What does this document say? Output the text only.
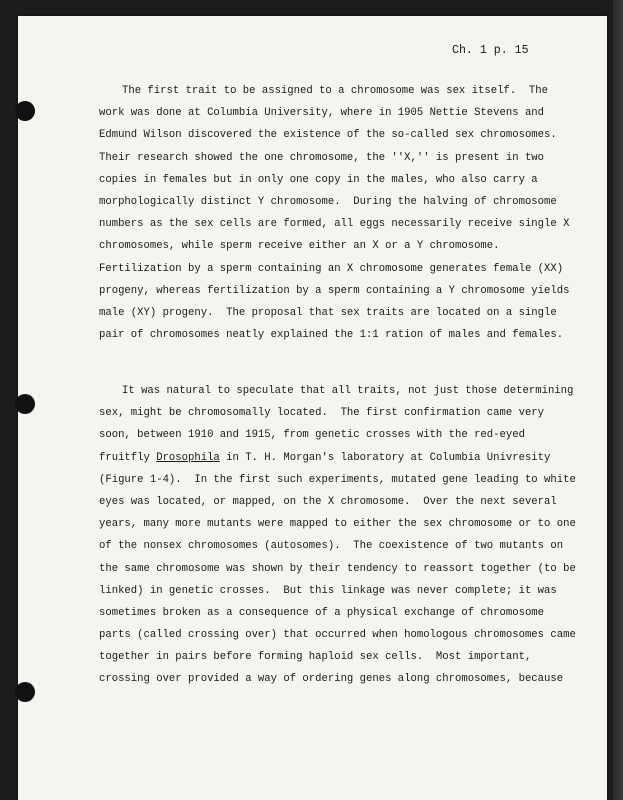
Ch. 1 p. 15

The first trait to be assigned to a chromosome was sex itself.  The
work was done at Columbia University, where in 1905 Nettie Stevens and
Edmund Wilson discovered the existence of the so-called sex chromosomes.
Their research showed the one chromosome, the ''X,'' is present in two
copies in females but in only one copy in the males, who also carry a
morphologically distinct Y chromosome.  During the halving of chromosome
numbers as the sex cells are formed, all eggs necessarily receive single X
chromosomes, while sperm receive either an X or a Y chromosome.
Fertilization by a sperm containing an X chromosome generates female (XX)
progeny, whereas fertilization by a sperm containing a Y chromosome yields
male (XY) progeny.  The proposal that sex traits are located on a single
pair of chromosomes neatly explained the 1:1 ration of males and females.
It was natural to speculate that all traits, not just those determining
sex, might be chromosomally located.  The first confirmation came very
soon, between 1910 and 1915, from genetic crosses with the red-eyed
fruitfly Drosophila in T. H. Morgan's laboratory at Columbia Univresity
(Figure 1-4).  In the first such experiments, mutated gene leading to white
eyes was located, or mapped, on the X chromosome.  Over the next several
years, many more mutants were mapped to either the sex chromosome or to one
of the nonsex chromosomes (autosomes).  The coexistence of two mutants on
the same chromosome was shown by their tendency to reassort together (to be
linked) in genetic crosses.  But this linkage was never complete; it was
sometimes broken as a consequence of a physical exchange of chromosome
parts (called crossing over) that occurred when homologous chromosomes came
together in pairs before forming haploid sex cells.  Most important,
crossing over provided a way of ordering genes along chromosomes, because
